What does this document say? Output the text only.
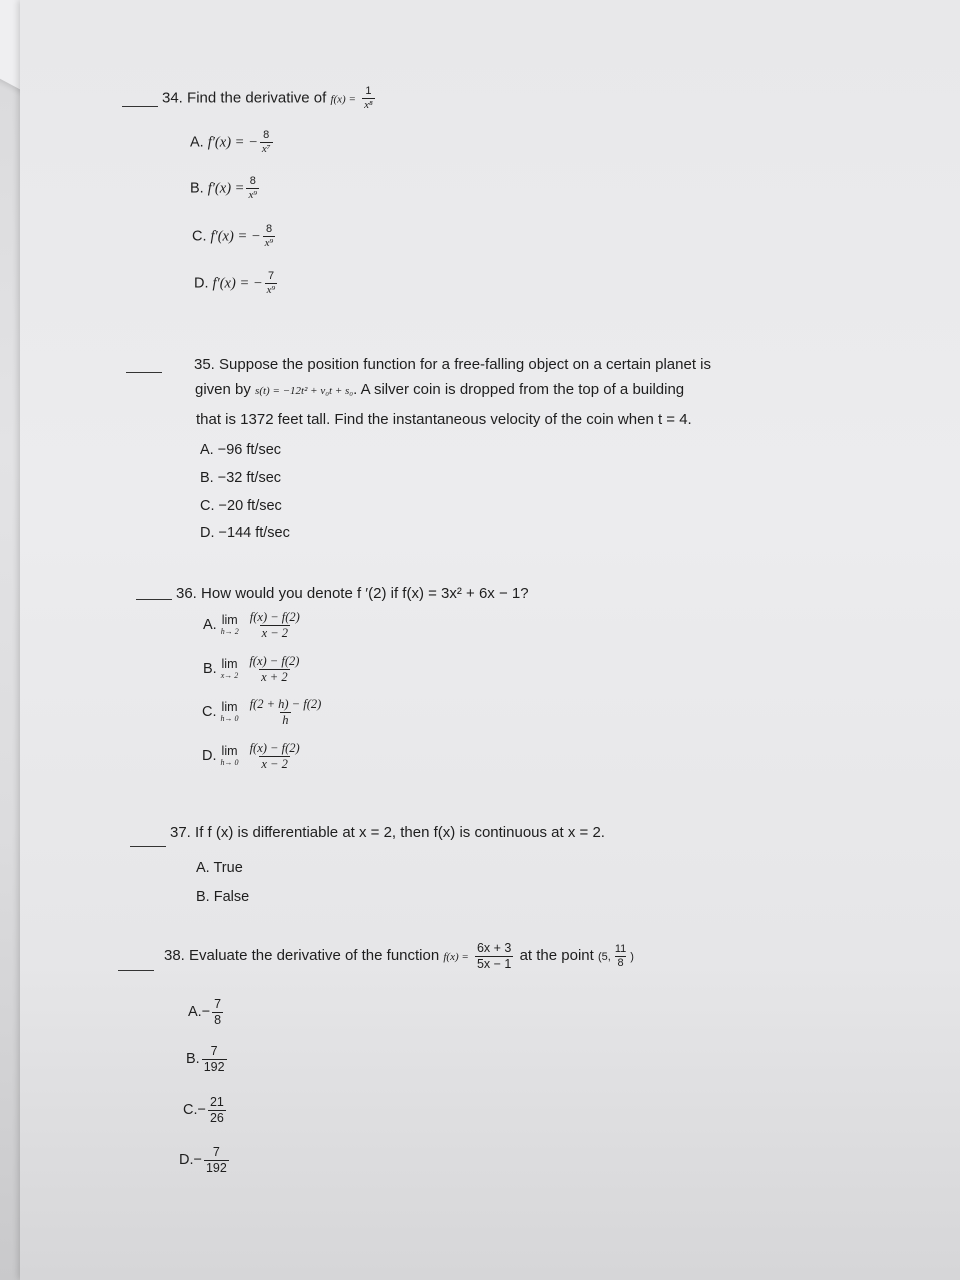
34. Find the derivative of $f(x) = \frac{1}{\text{x⁸}}$
A. f′(x) = − $\frac{8}{\text{x⁷}}$
B. $f'(x) = \frac{8}{\text{x⁹}}$
C. f′(x) = − $\frac{8}{\text{x⁹}}$
D. f′(x) = − $\frac{7}{\text{x⁹}}$
35. Suppose the position function for a free-falling object on a certain planet is
given by s(t) = −12t² + v₀t + s₀. A silver coin is dropped from the top of a building
that is 1372 feet tall. Find the instantaneous velocity of the coin when t = 4.
A. −96 ft/sec
B. −32 ft/sec
C. −20 ft/sec
D. −144 ft/sec
36. How would you denote f ′(2) if f(x) = 3x² + 6x − 1?
A. lim
h→ 2
$\frac{f(x) - f(2)}{x - 2}$
B. lim
x→ 2
$\frac{f(x) - f(2)}{x + 2}$
C. lim
h→ 0
$\frac{f(2 + h) - f(2)}{h}$
D. lim
h→ 0
$\frac{f(x) - f(2)}{x - 2}$
37. If f (x) is differentiable at x = 2, then f(x) is continuous at x = 2.
A. True
B. False
38. Evaluate the derivative of the function $f(x) = \frac{6x + 3}{5x - 1}$ at the point (5, $\frac{11}{8}$ )
$A.- \frac{7}{8}$
B. $\frac{7}{192}$
$C.- \frac{21}{26}$
$D.- \frac{7}{192}$
